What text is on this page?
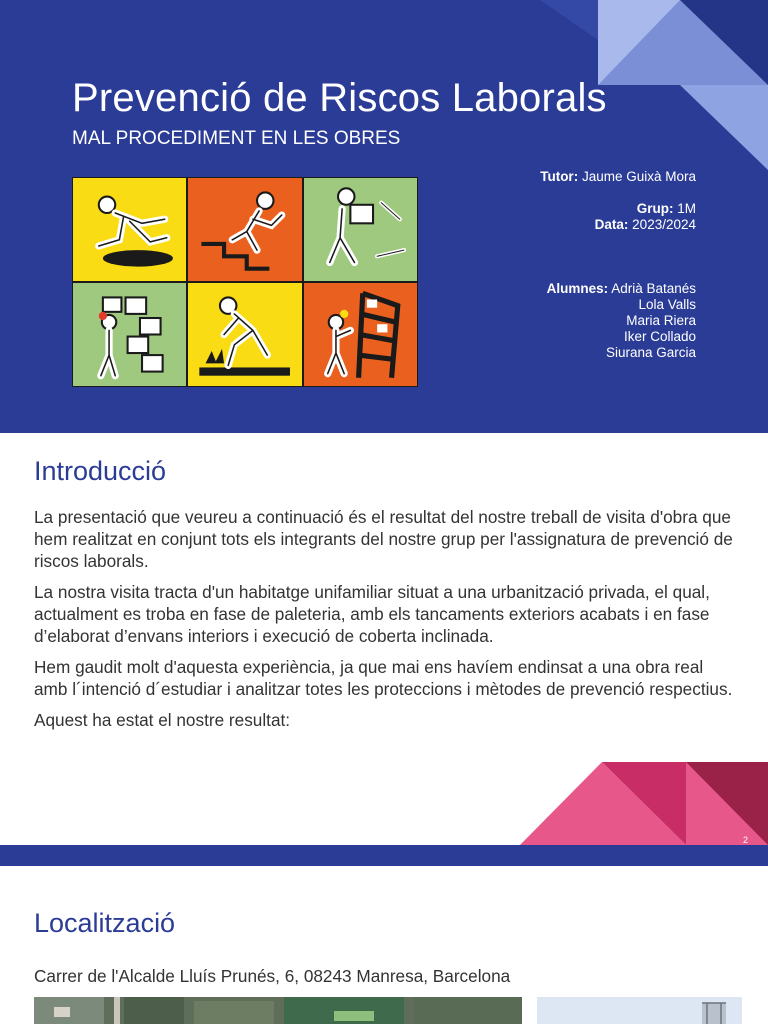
Prevenció de Riscos Laborals
MAL PROCEDIMENT EN LES OBRES
Tutor: Jaume Guixà Mora
Grup: 1M
Data: 2023/2024
Alumnes: Adrià Batanés
Lola Valls
Maria Riera
Iker Collado
Siurana Garcia
Introducció

La presentació que veureu a continuació és el resultat del nostre treball de visita d'obra que hem realitzat en conjunt tots els integrants del nostre grup per l'assignatura de prevenció de riscos laborals.

La nostra visita tracta d'un habitatge unifamiliar situat a una urbanització privada, el qual, actualment es troba en fase de paleteria, amb els tancaments exteriors acabats i en fase d’elaborat d’envans interiors i execució de coberta inclinada.

Hem gaudit molt d'aquesta experiència, ja que mai ens havíem endinsat a una obra real amb l´intenció d´estudiar i analitzar totes les proteccions i mètodes de prevenció respectius.

Aquest ha estat el nostre resultat:

2
Localització
Carrer de l'Alcalde Lluís Prunés, 6, 08243 Manresa, Barcelona
